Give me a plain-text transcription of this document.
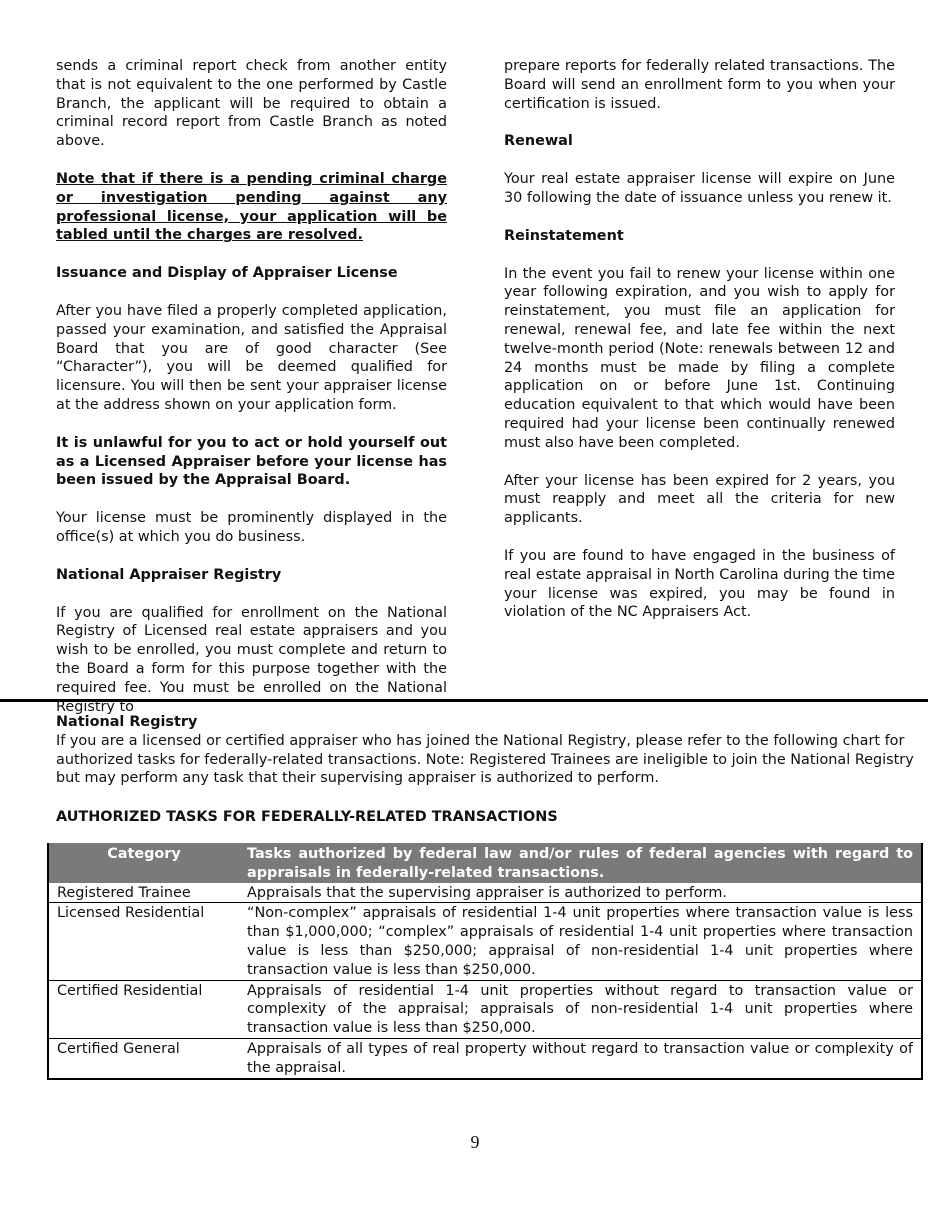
sends a criminal report check from another entity that is not equivalent to the one performed by Castle Branch, the applicant will be required to obtain a criminal record report from Castle Branch as noted above.

Note that if there is a pending criminal charge or investigation pending against any professional license, your application will be tabled until the charges are resolved.

Issuance and Display of Appraiser License

After you have filed a properly completed application, passed your examination, and satisfied the Appraisal Board that you are of good character (See “Character”), you will be deemed qualified for licensure. You will then be sent your appraiser license at the address shown on your application form.

It is unlawful for you to act or hold yourself out as a Licensed Appraiser before your license has been issued by the Appraisal Board.

Your license must be prominently displayed in the office(s) at which you do business.

National Appraiser Registry

If you are qualified for enrollment on the National Registry of Licensed real estate appraisers and you wish to be enrolled, you must complete and return to the Board a form for this purpose together with the required fee. You must be enrolled on the National Registry to

prepare reports for federally related transactions. The Board will send an enrollment form to you when your certification is issued.

Renewal

Your real estate appraiser license will expire on June 30 following the date of issuance unless you renew it.

Reinstatement

In the event you fail to renew your license within one year following expiration, and you wish to apply for reinstatement, you must file an application for renewal, renewal fee, and late fee within the next twelve-month period (Note: renewals between 12 and 24 months must be made by filing a complete application on or before June 1st. Continuing education equivalent to that which would have been required had your license been continually renewed must also have been completed.

After your license has been expired for 2 years, you must reapply and meet all the criteria for new applicants.

If you are found to have engaged in the business of real estate appraisal in North Carolina during the time your license was expired, you may be found in violation of the NC Appraisers Act.

National Registry

If you are a licensed or certified appraiser who has joined the National Registry, please refer to the following chart for authorized tasks for federally-related transactions. Note: Registered Trainees are ineligible to join the National Registry but may perform any task that their supervising appraiser is authorized to perform.

AUTHORIZED TASKS FOR FEDERALLY-RELATED TRANSACTIONS
Category	Tasks authorized by federal law and/or rules of federal agencies with regard to appraisals in federally-related transactions.
Registered Trainee	Appraisals that the supervising appraiser is authorized to perform.
Licensed Residential	“Non-complex” appraisals of residential 1-4 unit properties where transaction value is less than $1,000,000; “complex” appraisals of residential 1-4 unit properties where transaction value is less than $250,000; appraisal of non-residential 1-4 unit properties where transaction value is less than $250,000.
Certified Residential	Appraisals of residential 1-4 unit properties without regard to transaction value or complexity of the appraisal; appraisals of non-residential 1-4 unit properties where transaction value is less than $250,000.
Certified General	Appraisals of all types of real property without regard to transaction value or complexity of the appraisal.
9
